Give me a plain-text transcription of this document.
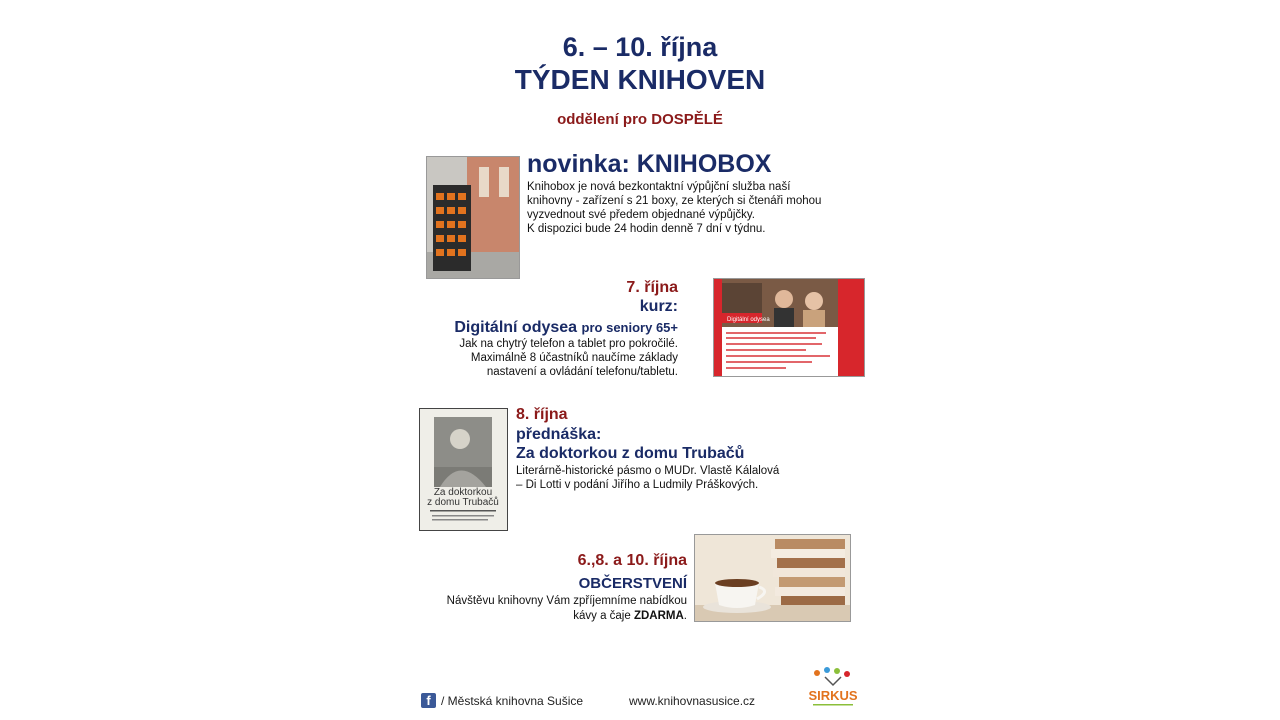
6. – 10. října
TÝDEN KNIHOVEN
oddělení pro DOSPĚLÉ
novinka: KNIHOBOX
Knihobox je nová bezkontaktní výpůjční služba naší
knihovny - zařízení s 21 boxy, ze kterých si čtenáři mohou
vyzvednout své předem objednané výpůjčky.
K dispozici bude 24 hodin denně 7 dní v týdnu.
7. října
kurz:
Digitální odysea pro seniory 65+
Jak na chytrý telefon a tablet pro pokročilé.
Maximálně 8 účastníků naučíme základy
nastavení a ovládání telefonu/tabletu.
Digitální odysea
Za doktorkou
z domu Trubačů
8. října
přednáška:
Za doktorkou z domu Trubačů
Literárně-historické pásmo o MUDr. Vlastě Kálalová
– Di Lotti v podání Jiřího a Ludmily Práškových.
6.,8. a 10. října
OBČERSTVENÍ
Návštěvu knihovny Vám zpříjemníme nabídkou
kávy a čaje ZDARMA.
f / Městská knihovna Sušice	www.knihovnasusice.cz	SIRKUS
